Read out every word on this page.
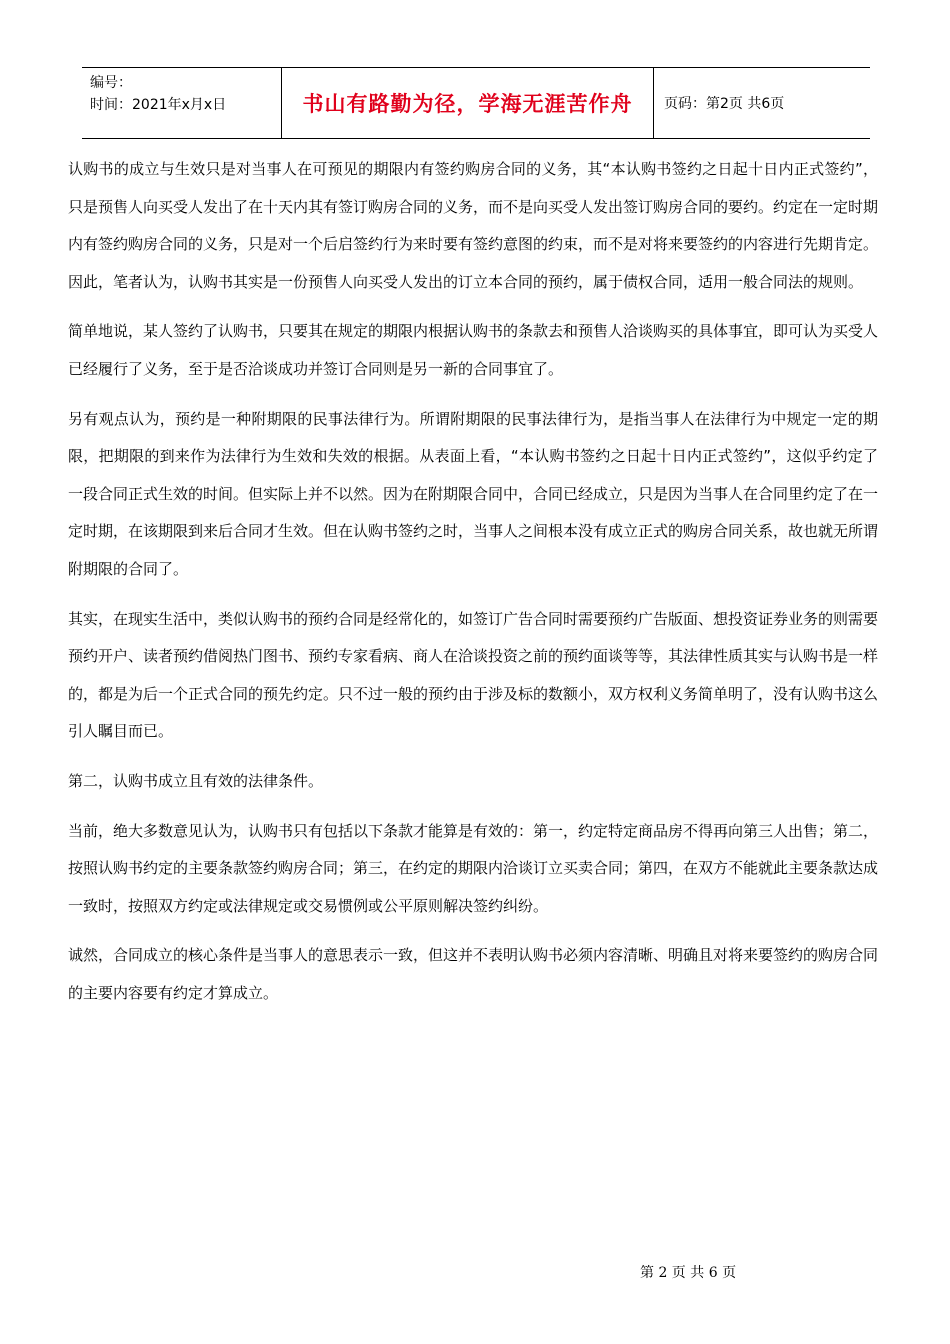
编号：
时间：2021年x月x日	书山有路勤为径，学海无涯苦作舟	页码：第2页 共6页

认购书的成立与生效只是对当事人在可预见的期限内有签约购房合同的义务，其“本认购书签约之日起十日内正式签约”，只是预售人向买受人发出了在十天内其有签订购房合同的义务，而不是向买受人发出签订购房合同的要约。约定在一定时期内有签约购房合同的义务，只是对一个后启签约行为来时要有签约意图的约束，而不是对将来要签约的内容进行先期肯定。因此，笔者认为，认购书其实是一份预售人向买受人发出的订立本合同的预约，属于债权合同，适用一般合同法的规则。

简单地说，某人签约了认购书，只要其在规定的期限内根据认购书的条款去和预售人洽谈购买的具体事宜，即可认为买受人已经履行了义务，至于是否洽谈成功并签订合同则是另一新的合同事宜了。

另有观点认为，预约是一种附期限的民事法律行为。所谓附期限的民事法律行为，是指当事人在法律行为中规定一定的期限，把期限的到来作为法律行为生效和失效的根据。从表面上看，“本认购书签约之日起十日内正式签约”，这似乎约定了一段合同正式生效的时间。但实际上并不以然。因为在附期限合同中，合同已经成立，只是因为当事人在合同里约定了在一定时期，在该期限到来后合同才生效。但在认购书签约之时，当事人之间根本没有成立正式的购房合同关系，故也就无所谓附期限的合同了。

其实，在现实生活中，类似认购书的预约合同是经常化的，如签订广告合同时需要预约广告版面、想投资证券业务的则需要预约开户、读者预约借阅热门图书、预约专家看病、商人在洽谈投资之前的预约面谈等等，其法律性质其实与认购书是一样的，都是为后一个正式合同的预先约定。只不过一般的预约由于涉及标的数额小，双方权利义务简单明了，没有认购书这么引人瞩目而已。

第二，认购书成立且有效的法律条件。

当前，绝大多数意见认为，认购书只有包括以下条款才能算是有效的：第一，约定特定商品房不得再向第三人出售；第二，按照认购书约定的主要条款签约购房合同；第三，在约定的期限内洽谈订立买卖合同；第四，在双方不能就此主要条款达成一致时，按照双方约定或法律规定或交易惯例或公平原则解决签约纠纷。

诚然，合同成立的核心条件是当事人的意思表示一致，但这并不表明认购书必须内容清晰、明确且对将来要签约的购房合同的主要内容要有约定才算成立。

第 2 页 共 6 页
